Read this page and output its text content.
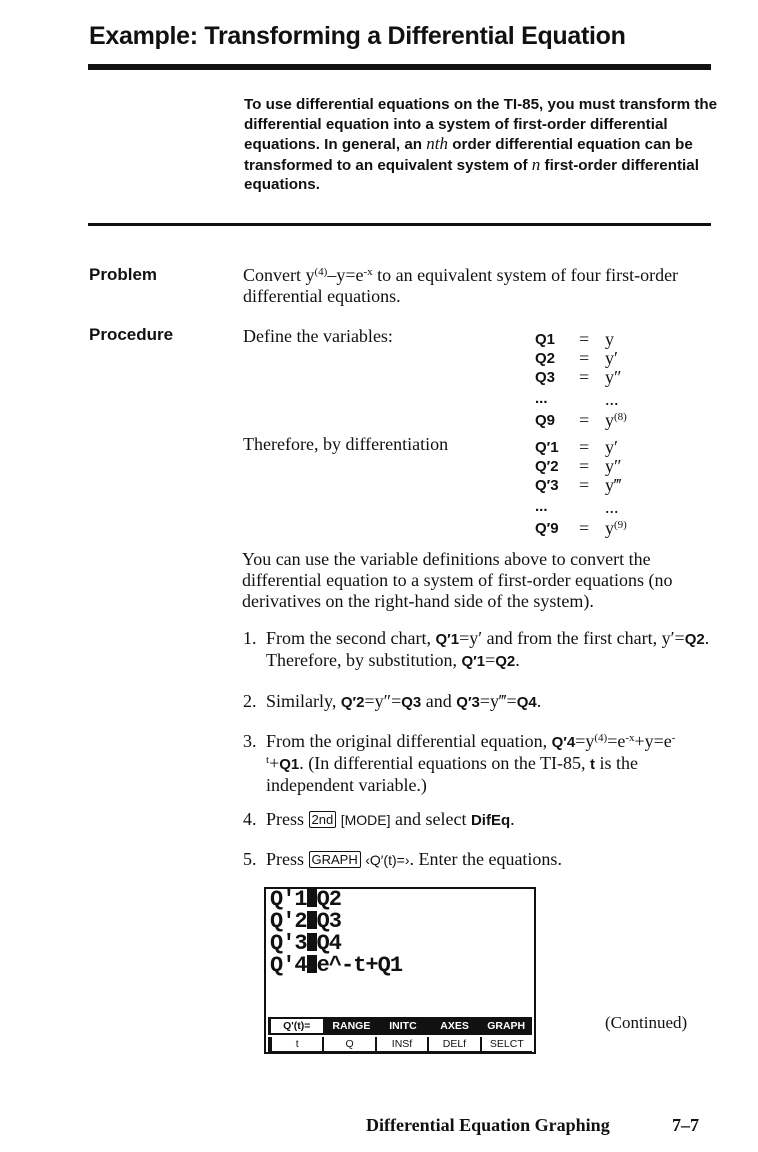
Example: Transforming a Differential Equation
To use differential equations on the TI-85, you must transform the differential equation into a system of first-order differential equations. In general, an nth order differential equation can be transformed to an equivalent system of n first-order differential equations.
Problem	Convert $y^{(4)}-y=e^{-x}$ to an equivalent system of four first-order differential equations.
Procedure	Define the variables:	Q1	= y
Q2	= y′
Q3	= y″
...	...
Q9	= $y^{(8)}$
Therefore, by differentiation	Q′1	= y′
Q′2	= y″
Q′3	= y‴
...	...
Q′9	= $y^{(9)}$
You can use the variable definitions above to convert the differential equation to a system of first-order equations (no derivatives on the right-hand side of the system).
1. From the second chart, Q′1=y′ and from the first chart, y′=Q2. Therefore, by substitution, Q′1=Q2.
2. Similarly, Q′2=y″=Q3 and Q′3=y‴=Q4.
3. From the original differential equation, $Q'4=y^{(4)}=e^{-x}+y=e^{-t}+Q1$. (In differential equations on the TI-85, t is the independent variable.)
4. Press 2nd [MODE] and select DifEq.
5. Press GRAPH ‹Q′(t)=›. Enter the equations.
Q'1 Q2
Q'2 Q3
Q'3 Q4
Q'4 e^-t+Q1
Q'(t)=	RANGE	INITC	AXES	GRAPH
t	Q	INSf	DELf	SELCT
(Continued)
Differential Equation Graphing	7–7
